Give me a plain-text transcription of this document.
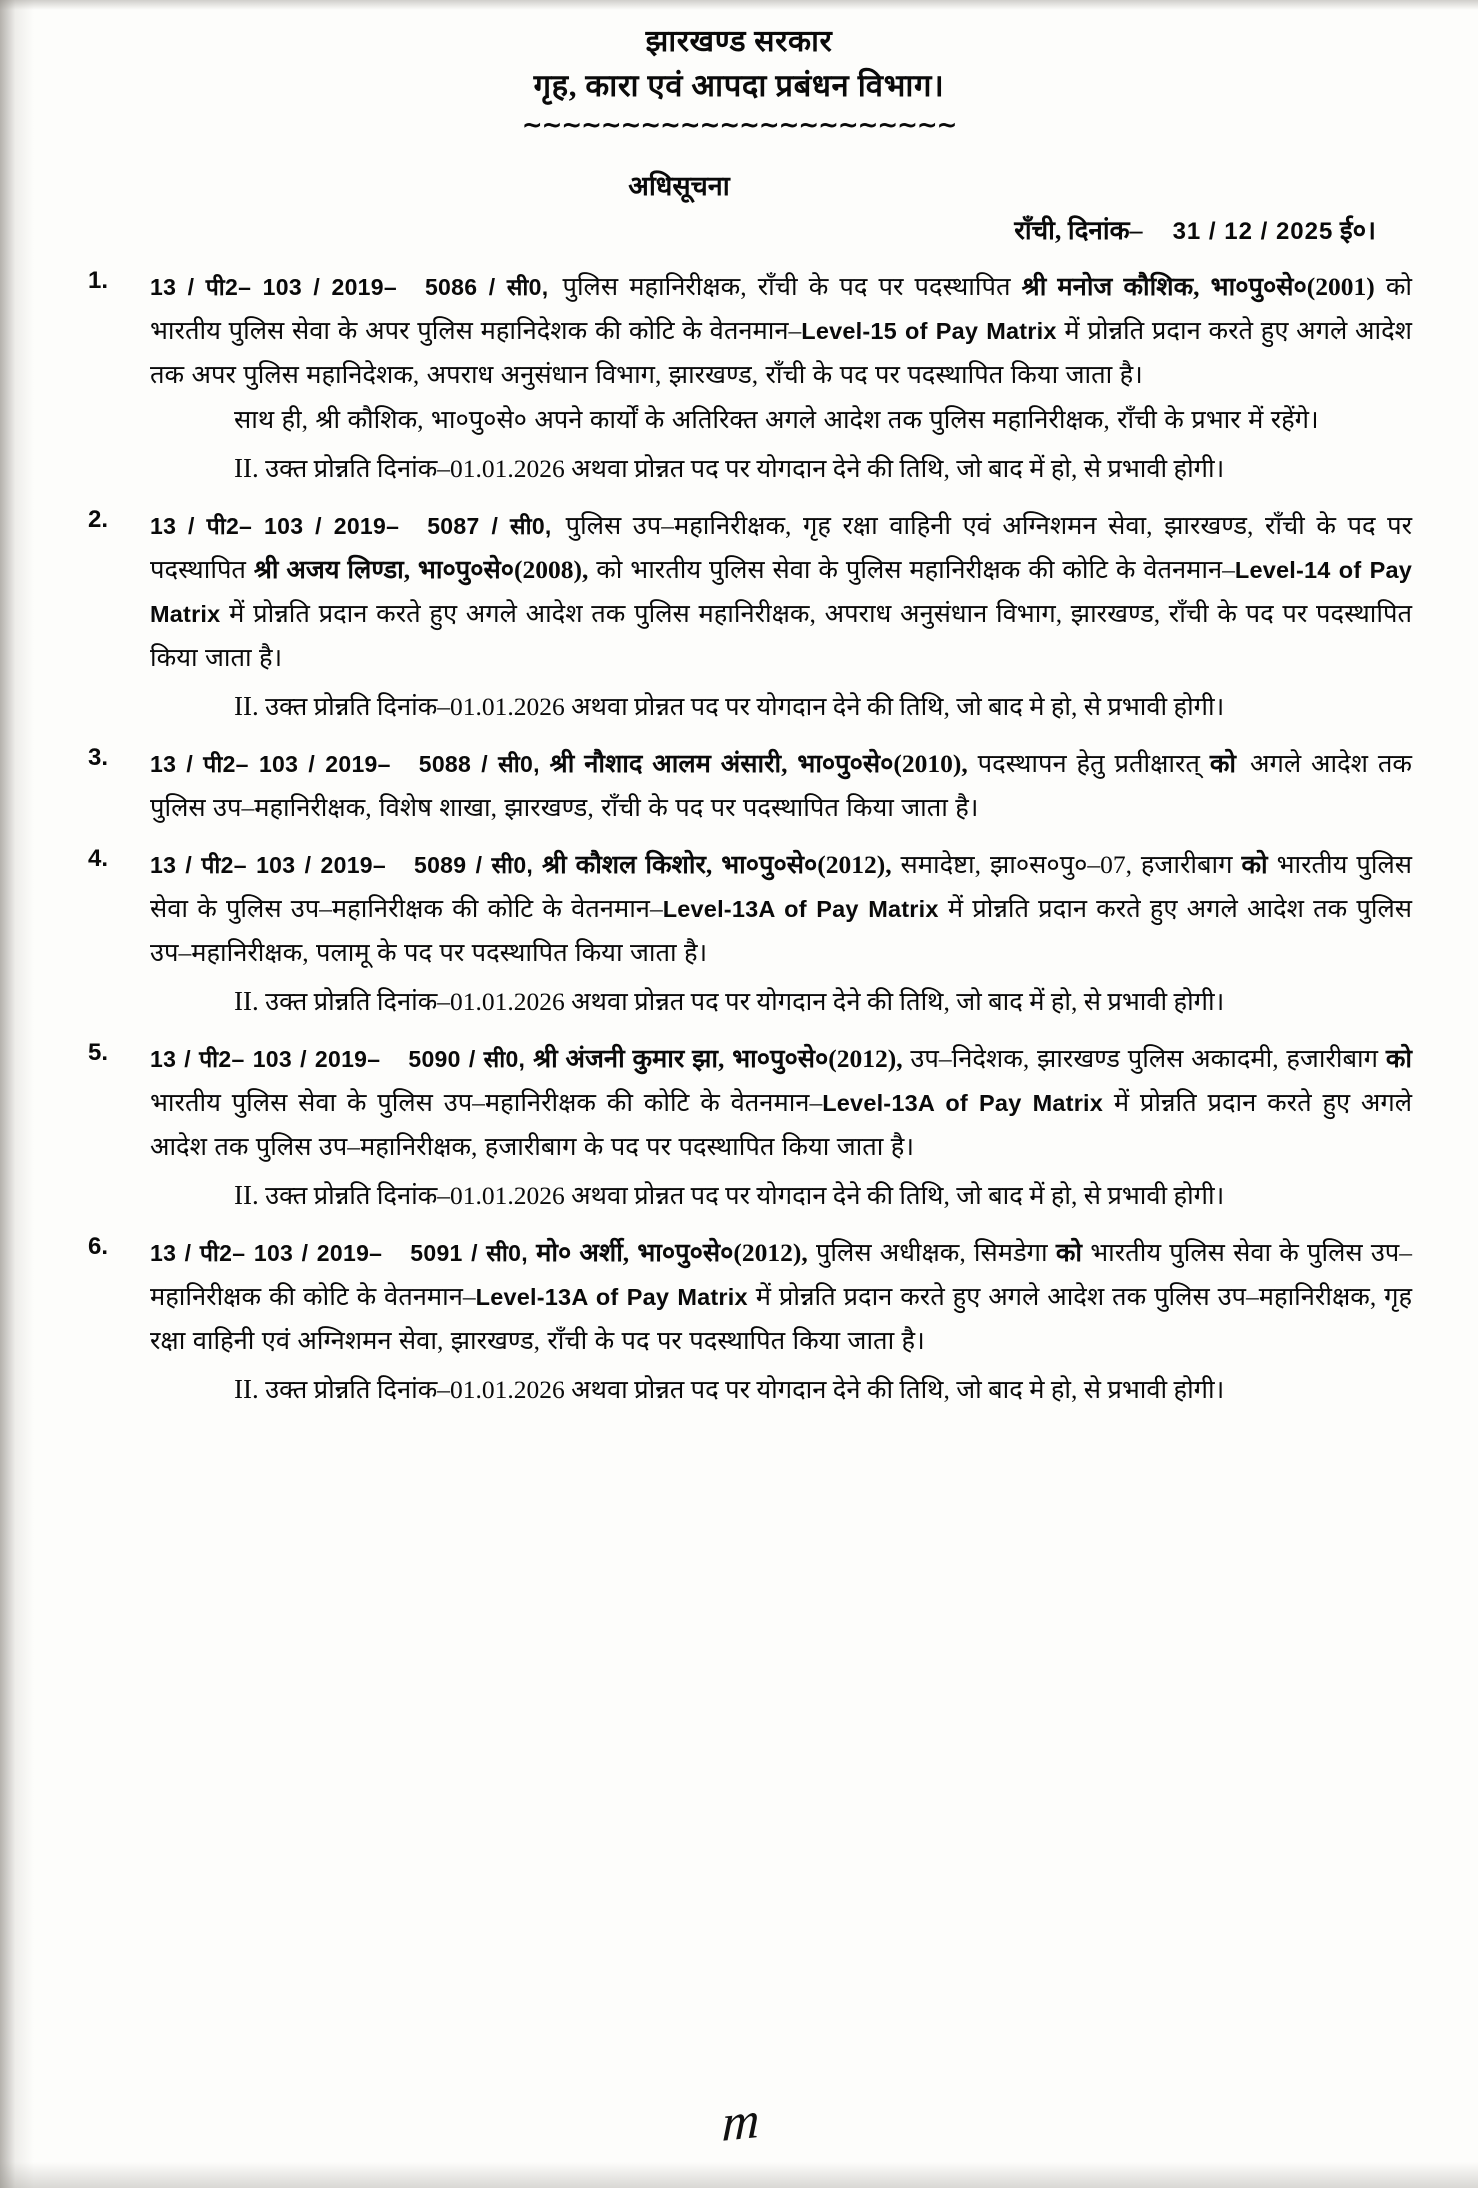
झारखण्ड सरकार
गृह, कारा एवं आपदा प्रबंधन विभाग।
~~~~~~~~~~~~~~~~~~~~~~
अधिसूचना
राँची, दिनांक– 31 / 12 / 2025 ई०।
1. 13 / पी2– 103 / 2019– 5086 / सी0, पुलिस महानिरीक्षक, राँची के पद पर पदस्थापित श्री मनोज कौशिक, भा०पु०से०(2001) को भारतीय पुलिस सेवा के अपर पुलिस महानिदेशक की कोटि के वेतनमान–Level-15 of Pay Matrix में प्रोन्नति प्रदान करते हुए अगले आदेश तक अपर पुलिस महानिदेशक, अपराध अनुसंधान विभाग, झारखण्ड, राँची के पद पर पदस्थापित किया जाता है।

साथ ही, श्री कौशिक, भा०पु०से० अपने कार्यों के अतिरिक्त अगले आदेश तक पुलिस महानिरीक्षक, राँची के प्रभार में रहेंगे।

II. उक्त प्रोन्नति दिनांक–01.01.2026 अथवा प्रोन्नत पद पर योगदान देने की तिथि, जो बाद में हो, से प्रभावी होगी।

2. 13 / पी2– 103 / 2019– 5087 / सी0, पुलिस उप–महानिरीक्षक, गृह रक्षा वाहिनी एवं अग्निशमन सेवा, झारखण्ड, राँची के पद पर पदस्थापित श्री अजय लिण्डा, भा०पु०से०(2008), को भारतीय पुलिस सेवा के पुलिस महानिरीक्षक की कोटि के वेतनमान–Level-14 of Pay Matrix में प्रोन्नति प्रदान करते हुए अगले आदेश तक पुलिस महानिरीक्षक, अपराध अनुसंधान विभाग, झारखण्ड, राँची के पद पर पदस्थापित किया जाता है।

II. उक्त प्रोन्नति दिनांक–01.01.2026 अथवा प्रोन्नत पद पर योगदान देने की तिथि, जो बाद मे हो, से प्रभावी होगी।

3. 13 / पी2– 103 / 2019– 5088 / सी0, श्री नौशाद आलम अंसारी, भा०पु०से०(2010), पदस्थापन हेतु प्रतीक्षारत् को अगले आदेश तक पुलिस उप–महानिरीक्षक, विशेष शाखा, झारखण्ड, राँची के पद पर पदस्थापित किया जाता है।

4. 13 / पी2– 103 / 2019– 5089 / सी0, श्री कौशल किशोर, भा०पु०से०(2012), समादेष्टा, झा०स०पु०–07, हजारीबाग को भारतीय पुलिस सेवा के पुलिस उप–महानिरीक्षक की कोटि के वेतनमान–Level-13A of Pay Matrix में प्रोन्नति प्रदान करते हुए अगले आदेश तक पुलिस उप–महानिरीक्षक, पलामू के पद पर पदस्थापित किया जाता है।

II. उक्त प्रोन्नति दिनांक–01.01.2026 अथवा प्रोन्नत पद पर योगदान देने की तिथि, जो बाद में हो, से प्रभावी होगी।

5. 13 / पी2– 103 / 2019– 5090 / सी0, श्री अंजनी कुमार झा, भा०पु०से०(2012), उप–निदेशक, झारखण्ड पुलिस अकादमी, हजारीबाग को भारतीय पुलिस सेवा के पुलिस उप–महानिरीक्षक की कोटि के वेतनमान–Level-13A of Pay Matrix में प्रोन्नति प्रदान करते हुए अगले आदेश तक पुलिस उप–महानिरीक्षक, हजारीबाग के पद पर पदस्थापित किया जाता है।

II. उक्त प्रोन्नति दिनांक–01.01.2026 अथवा प्रोन्नत पद पर योगदान देने की तिथि, जो बाद में हो, से प्रभावी होगी।

6. 13 / पी2– 103 / 2019– 5091 / सी0, मो० अर्शी, भा०पु०से०(2012), पुलिस अधीक्षक, सिमडेगा को भारतीय पुलिस सेवा के पुलिस उप–महानिरीक्षक की कोटि के वेतनमान–Level-13A of Pay Matrix में प्रोन्नति प्रदान करते हुए अगले आदेश तक पुलिस उप–महानिरीक्षक, गृह रक्षा वाहिनी एवं अग्निशमन सेवा, झारखण्ड, राँची के पद पर पदस्थापित किया जाता है।

II. उक्त प्रोन्नति दिनांक–01.01.2026 अथवा प्रोन्नत पद पर योगदान देने की तिथि, जो बाद मे हो, से प्रभावी होगी।

m
